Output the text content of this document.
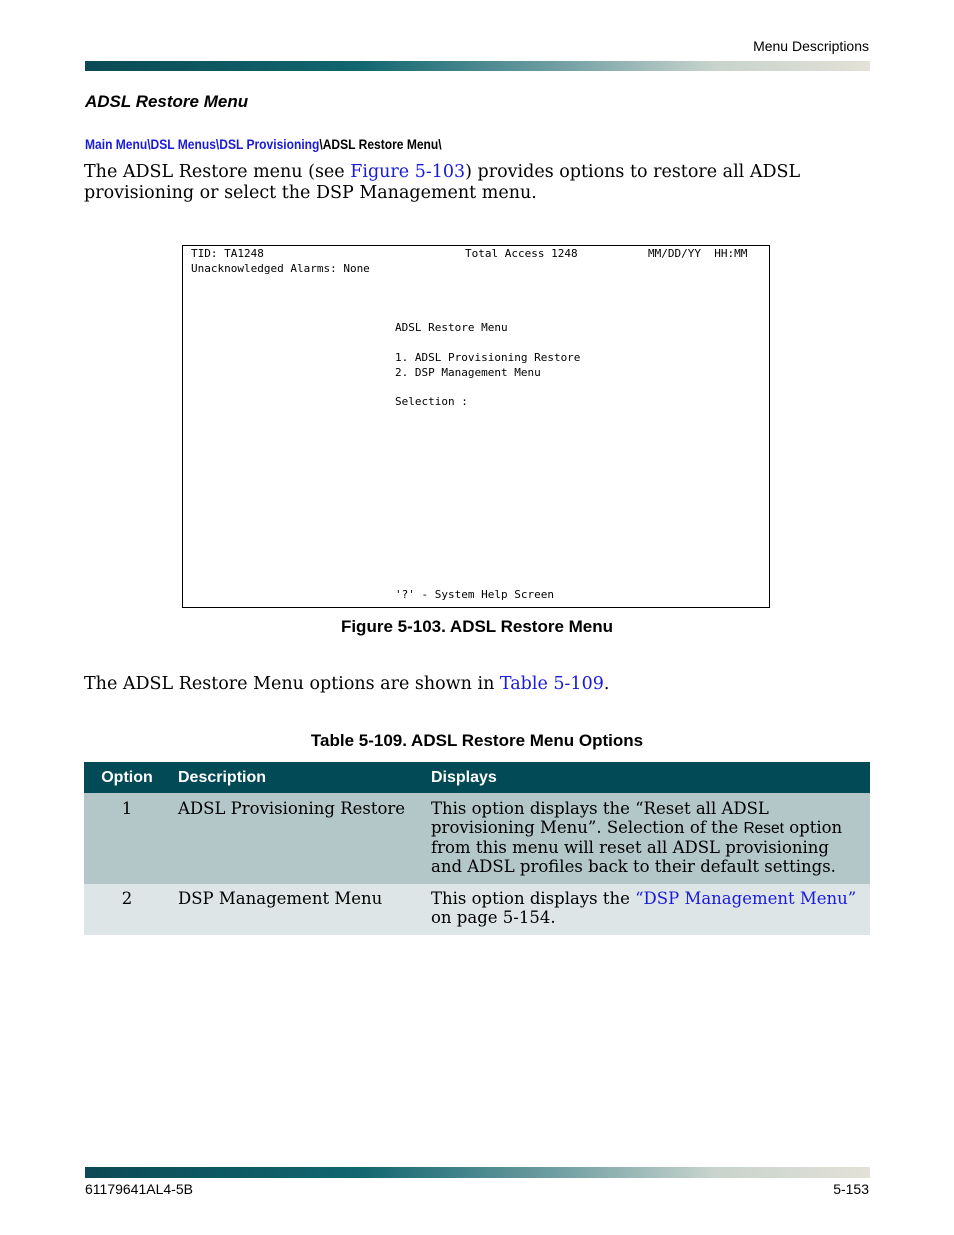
Menu Descriptions
ADSL Restore Menu
Main Menu\DSL Menus\DSL Provisioning\ADSL Restore Menu\
The ADSL Restore menu (see Figure 5-103) provides options to restore all ADSL provisioning or select the DSP Management menu.
TID: TA1248	Total Access 1248	MM/DD/YY  HH:MM
Unacknowledged Alarms: None
ADSL Restore Menu
1. ADSL Provisioning Restore
2. DSP Management Menu
Selection :
'?' - System Help Screen
Figure 5-103. ADSL Restore Menu
The ADSL Restore Menu options are shown in Table 5-109.
Table 5-109. ADSL Restore Menu Options
Option	Description	Displays
1	ADSL Provisioning Restore	This option displays the “Reset all ADSL provisioning Menu”. Selection of the Reset option from this menu will reset all ADSL provisioning and ADSL profiles back to their default settings.
2	DSP Management Menu	This option displays the “DSP Management Menu” on page 5-154.
61179641AL4-5B	5-153
